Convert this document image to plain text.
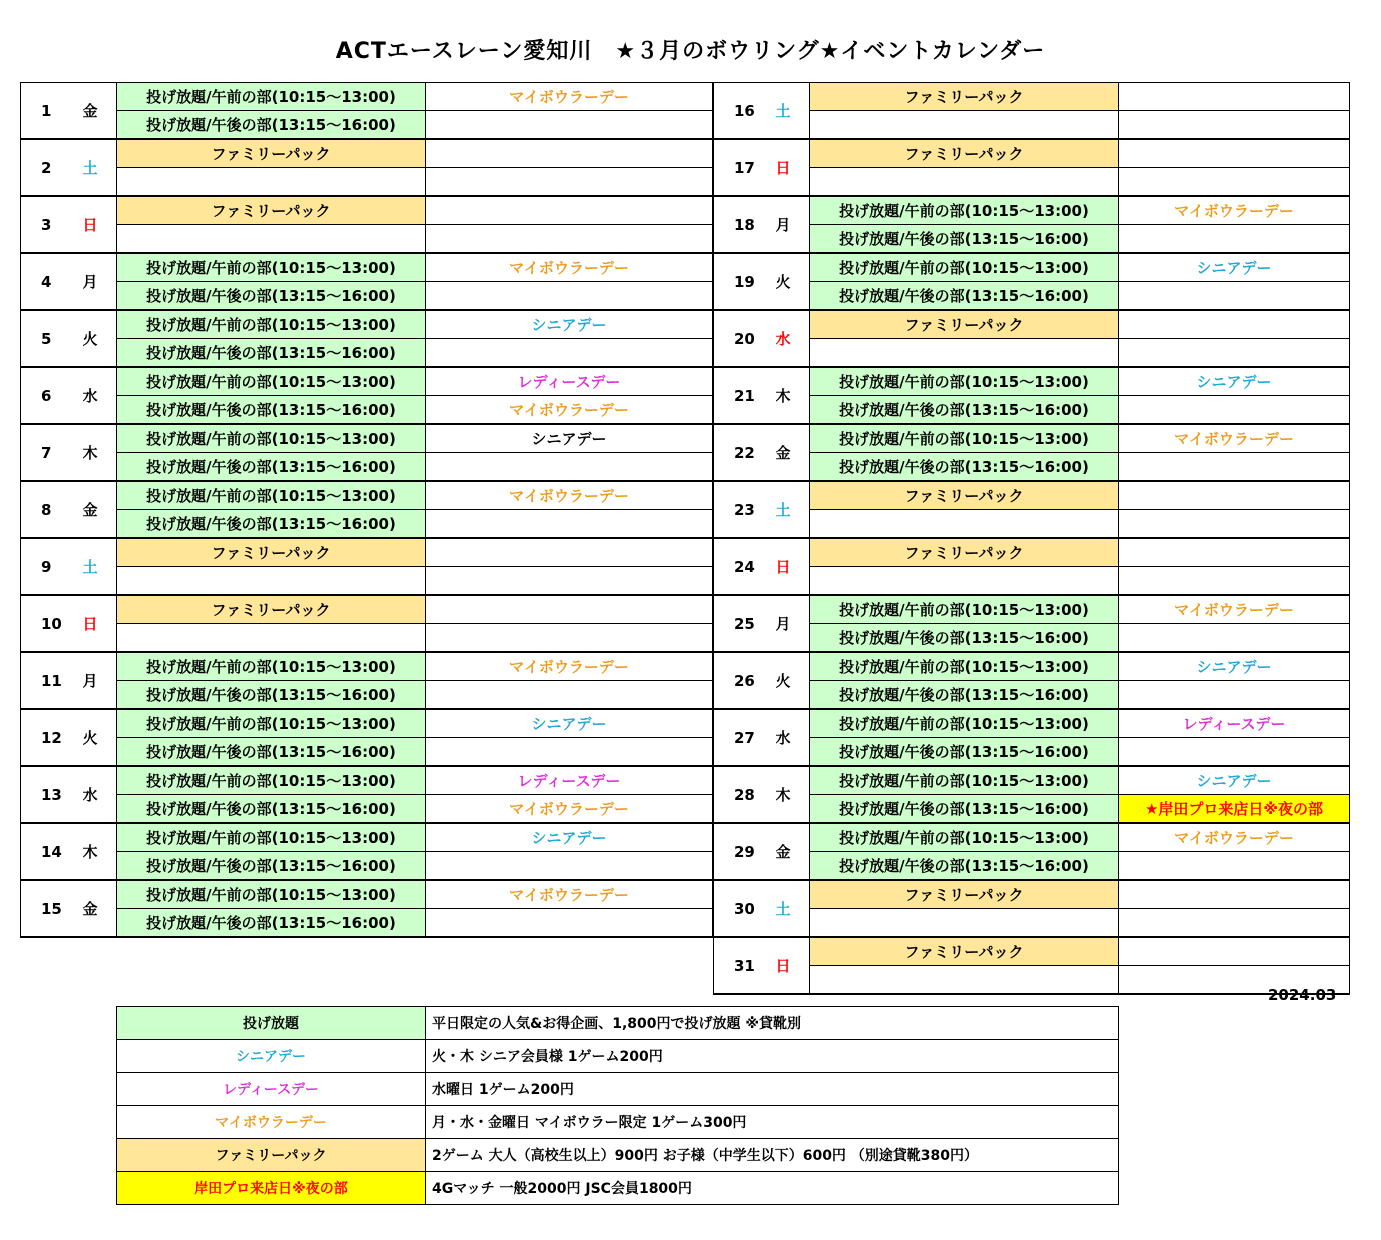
ACTエースレーン愛知川　★３月のボウリング★イベントカレンダー
1	金	投げ放題/午前の部(10:15～13:00)	マイボウラーデー
		投げ放題/午後の部(13:15～16:00)	
2	土	ファミリーパック	

3	日	ファミリーパック	

4	月	投げ放題/午前の部(10:15～13:00)	マイボウラーデー
		投げ放題/午後の部(13:15～16:00)	
5	火	投げ放題/午前の部(10:15～13:00)	シニアデー
		投げ放題/午後の部(13:15～16:00)	
6	水	投げ放題/午前の部(10:15～13:00)	レディースデー
		投げ放題/午後の部(13:15～16:00)	マイボウラーデー
7	木	投げ放題/午前の部(10:15～13:00)	シニアデー
		投げ放題/午後の部(13:15～16:00)	
8	金	投げ放題/午前の部(10:15～13:00)	マイボウラーデー
		投げ放題/午後の部(13:15～16:00)	
9	土	ファミリーパック	

10	日	ファミリーパック	

11	月	投げ放題/午前の部(10:15～13:00)	マイボウラーデー
		投げ放題/午後の部(13:15～16:00)	
12	火	投げ放題/午前の部(10:15～13:00)	シニアデー
		投げ放題/午後の部(13:15～16:00)	
13	水	投げ放題/午前の部(10:15～13:00)	レディースデー
		投げ放題/午後の部(13:15～16:00)	マイボウラーデー
14	木	投げ放題/午前の部(10:15～13:00)	シニアデー
		投げ放題/午後の部(13:15～16:00)	
15	金	投げ放題/午前の部(10:15～13:00)	マイボウラーデー
		投げ放題/午後の部(13:15～16:00)	
16	土	ファミリーパック	

17	日	ファミリーパック	

18	月	投げ放題/午前の部(10:15～13:00)	マイボウラーデー
		投げ放題/午後の部(13:15～16:00)	
19	火	投げ放題/午前の部(10:15～13:00)	シニアデー
		投げ放題/午後の部(13:15～16:00)	
20	水	ファミリーパック	

21	木	投げ放題/午前の部(10:15～13:00)	シニアデー
		投げ放題/午後の部(13:15～16:00)	
22	金	投げ放題/午前の部(10:15～13:00)	マイボウラーデー
		投げ放題/午後の部(13:15～16:00)	
23	土	ファミリーパック	

24	日	ファミリーパック	

25	月	投げ放題/午前の部(10:15～13:00)	マイボウラーデー
		投げ放題/午後の部(13:15～16:00)	
26	火	投げ放題/午前の部(10:15～13:00)	シニアデー
		投げ放題/午後の部(13:15～16:00)	
27	水	投げ放題/午前の部(10:15～13:00)	レディースデー
		投げ放題/午後の部(13:15～16:00)	
28	木	投げ放題/午前の部(10:15～13:00)	シニアデー
		投げ放題/午後の部(13:15～16:00)	★岸田プロ来店日※夜の部
29	金	投げ放題/午前の部(10:15～13:00)	マイボウラーデー
		投げ放題/午後の部(13:15～16:00)	
30	土	ファミリーパック	

31	日	ファミリーパック	

2024.03
投げ放題	平日限定の人気&お得企画、1,800円で投げ放題 ※貸靴別
シニアデー	火・木 シニア会員様 1ゲーム200円
レディースデー	水曜日 1ゲーム200円
マイボウラーデー	月・水・金曜日 マイボウラー限定 1ゲーム300円
ファミリーパック	2ゲーム 大人（高校生以上）900円 お子様（中学生以下）600円 （別途貸靴380円）
岸田プロ来店日※夜の部	4Gマッチ 一般2000円 JSC会員1800円
